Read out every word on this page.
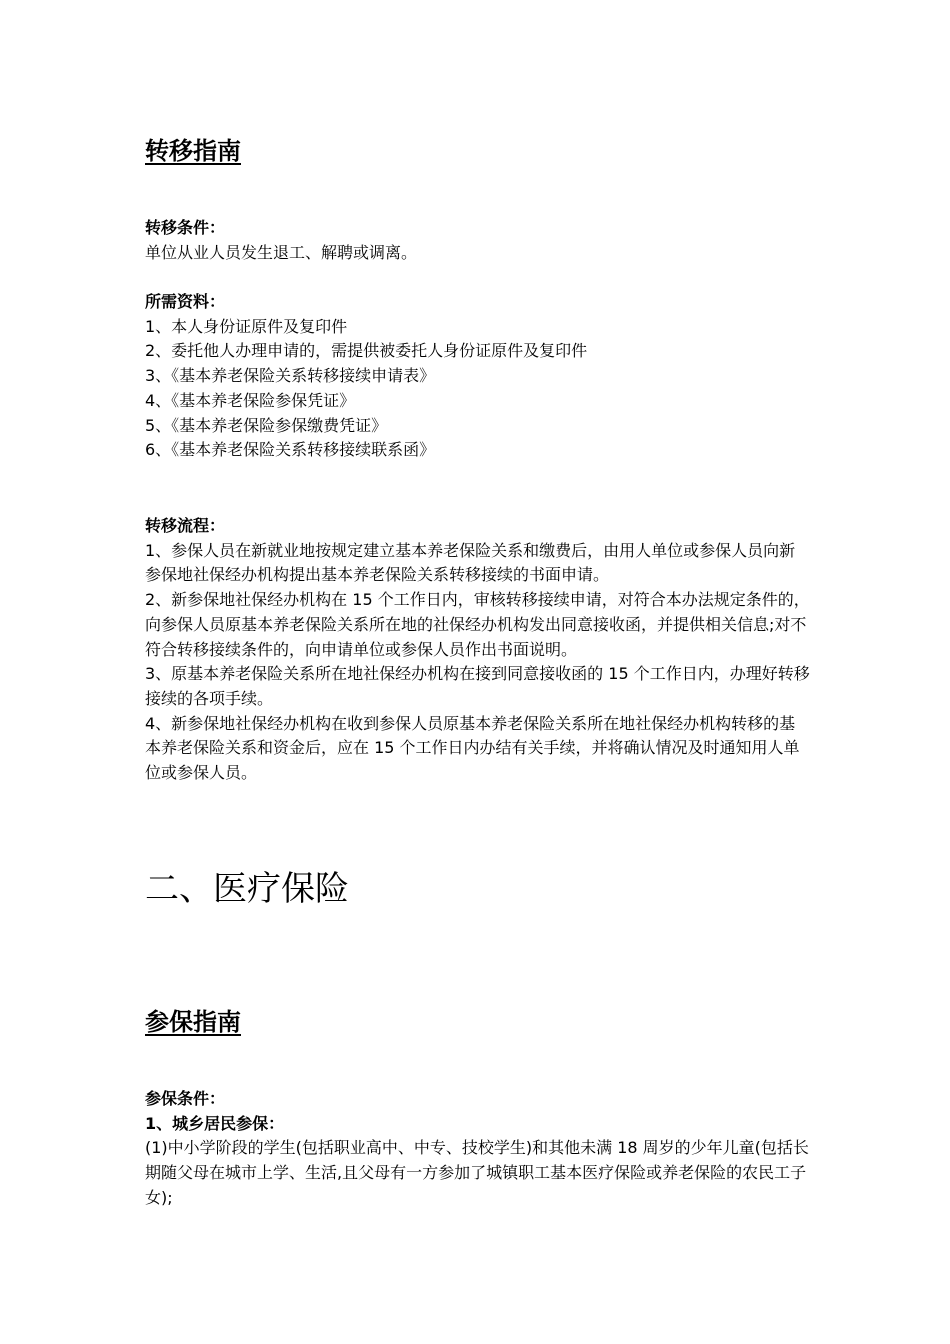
转移指南
转移条件：
单位从业人员发生退工、解聘或调离。
所需资料：
1、本人身份证原件及复印件
2、委托他人办理申请的，需提供被委托人身份证原件及复印件
3、《基本养老保险关系转移接续申请表》
4、《基本养老保险参保凭证》
5、《基本养老保险参保缴费凭证》
6、《基本养老保险关系转移接续联系函》
转移流程：
1、参保人员在新就业地按规定建立基本养老保险关系和缴费后，由用人单位或参保人员向新参保地社保经办机构提出基本养老保险关系转移接续的书面申请。
2、新参保地社保经办机构在 15 个工作日内，审核转移接续申请，对符合本办法规定条件的，向参保人员原基本养老保险关系所在地的社保经办机构发出同意接收函，并提供相关信息;对不符合转移接续条件的，向申请单位或参保人员作出书面说明。
3、原基本养老保险关系所在地社保经办机构在接到同意接收函的 15 个工作日内，办理好转移接续的各项手续。
4、新参保地社保经办机构在收到参保人员原基本养老保险关系所在地社保经办机构转移的基本养老保险关系和资金后，应在 15 个工作日内办结有关手续，并将确认情况及时通知用人单位或参保人员。
二、医疗保险
参保指南
参保条件：
1、城乡居民参保：
(1)中小学阶段的学生(包括职业高中、中专、技校学生)和其他未满 18 周岁的少年儿童(包括长期随父母在城市上学、生活,且父母有一方参加了城镇职工基本医疗保险或养老保险的农民工子女);
